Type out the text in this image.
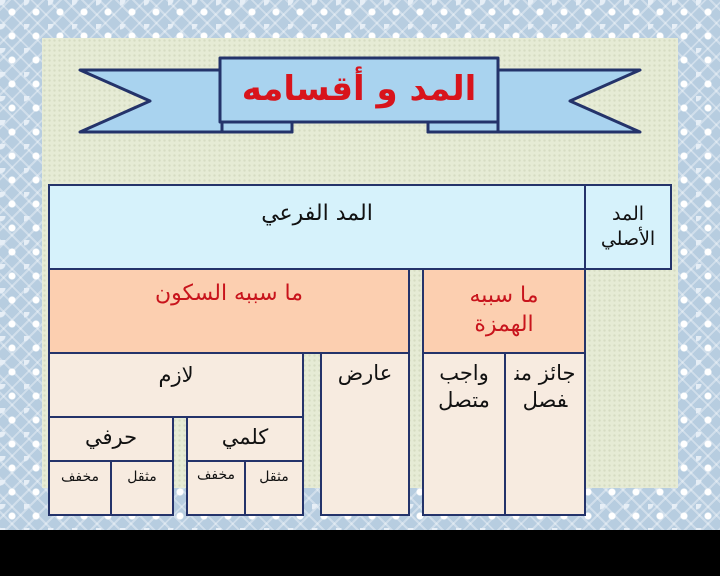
المد و أقسامه
المد الأصلي
المد الفرعي
ما سببه الهمزة
ما سببه السكون
جائز منفصل
واجب متصل
عارض
لازم
كلمي
حرفي
مثقل
مخفف
مثقل
مخفف
